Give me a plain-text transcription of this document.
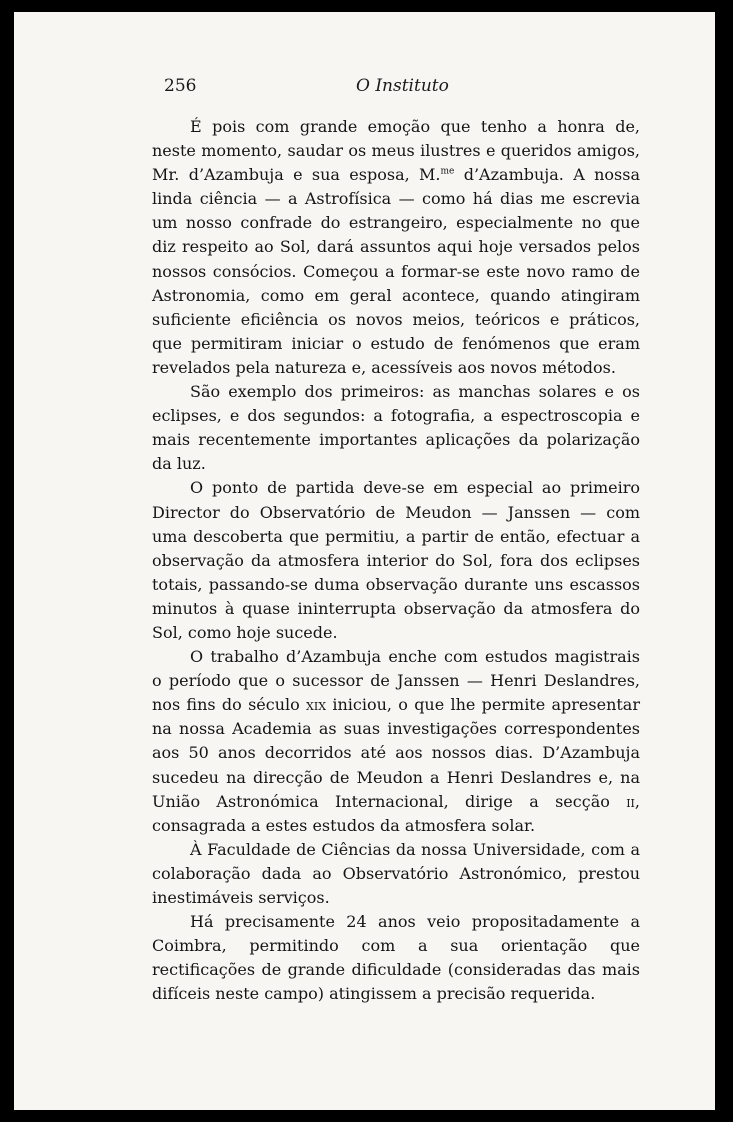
256	O Instituto

É pois com grande emoção que tenho a honra de, neste momento, saudar os meus ilustres e queridos amigos, Mr. d’Azambuja e sua esposa, M.$^{me}$ d’Azambuja. A nossa linda ciência — a Astrofísica — como há dias me escrevia um nosso confrade do estrangeiro, especialmente no que diz respeito ao Sol, dará assuntos aqui hoje versados pelos nossos consócios. Começou a formar-se este novo ramo de Astronomia, como em geral acontece, quando atingiram suficiente eficiência os novos meios, teóricos e práticos, que permitiram iniciar o estudo de fenómenos que eram revelados pela natureza e, acessíveis aos novos métodos.

São exemplo dos primeiros: as manchas solares e os eclipses, e dos segundos: a fotografia, a espectroscopia e mais recentemente importantes aplicações da polarização da luz.

O ponto de partida deve-se em especial ao primeiro Director do Observatório de Meudon — Janssen — com uma descoberta que permitiu, a partir de então, efectuar a observação da atmosfera interior do Sol, fora dos eclipses totais, passando-se duma observação durante uns escassos minutos à quase ininterrupta observação da atmosfera do Sol, como hoje sucede.

O trabalho d’Azambuja enche com estudos magistrais o período que o sucessor de Janssen — Henri Deslandres, nos fins do século xix iniciou, o que lhe permite apresentar na nossa Academia as suas investigações correspondentes aos 50 anos decorridos até aos nossos dias. D’Azambuja sucedeu na direcção de Meudon a Henri Deslandres e, na União Astronómica Internacional, dirige a secção ii, consagrada a estes estudos da atmosfera solar.

À Faculdade de Ciências da nossa Universidade, com a colaboração dada ao Observatório Astronómico, prestou inestimáveis serviços.

Há precisamente 24 anos veio propositadamente a Coimbra, permitindo com a sua orientação que rectificações de grande dificuldade (consideradas das mais difíceis neste campo) atingissem a precisão requerida.
